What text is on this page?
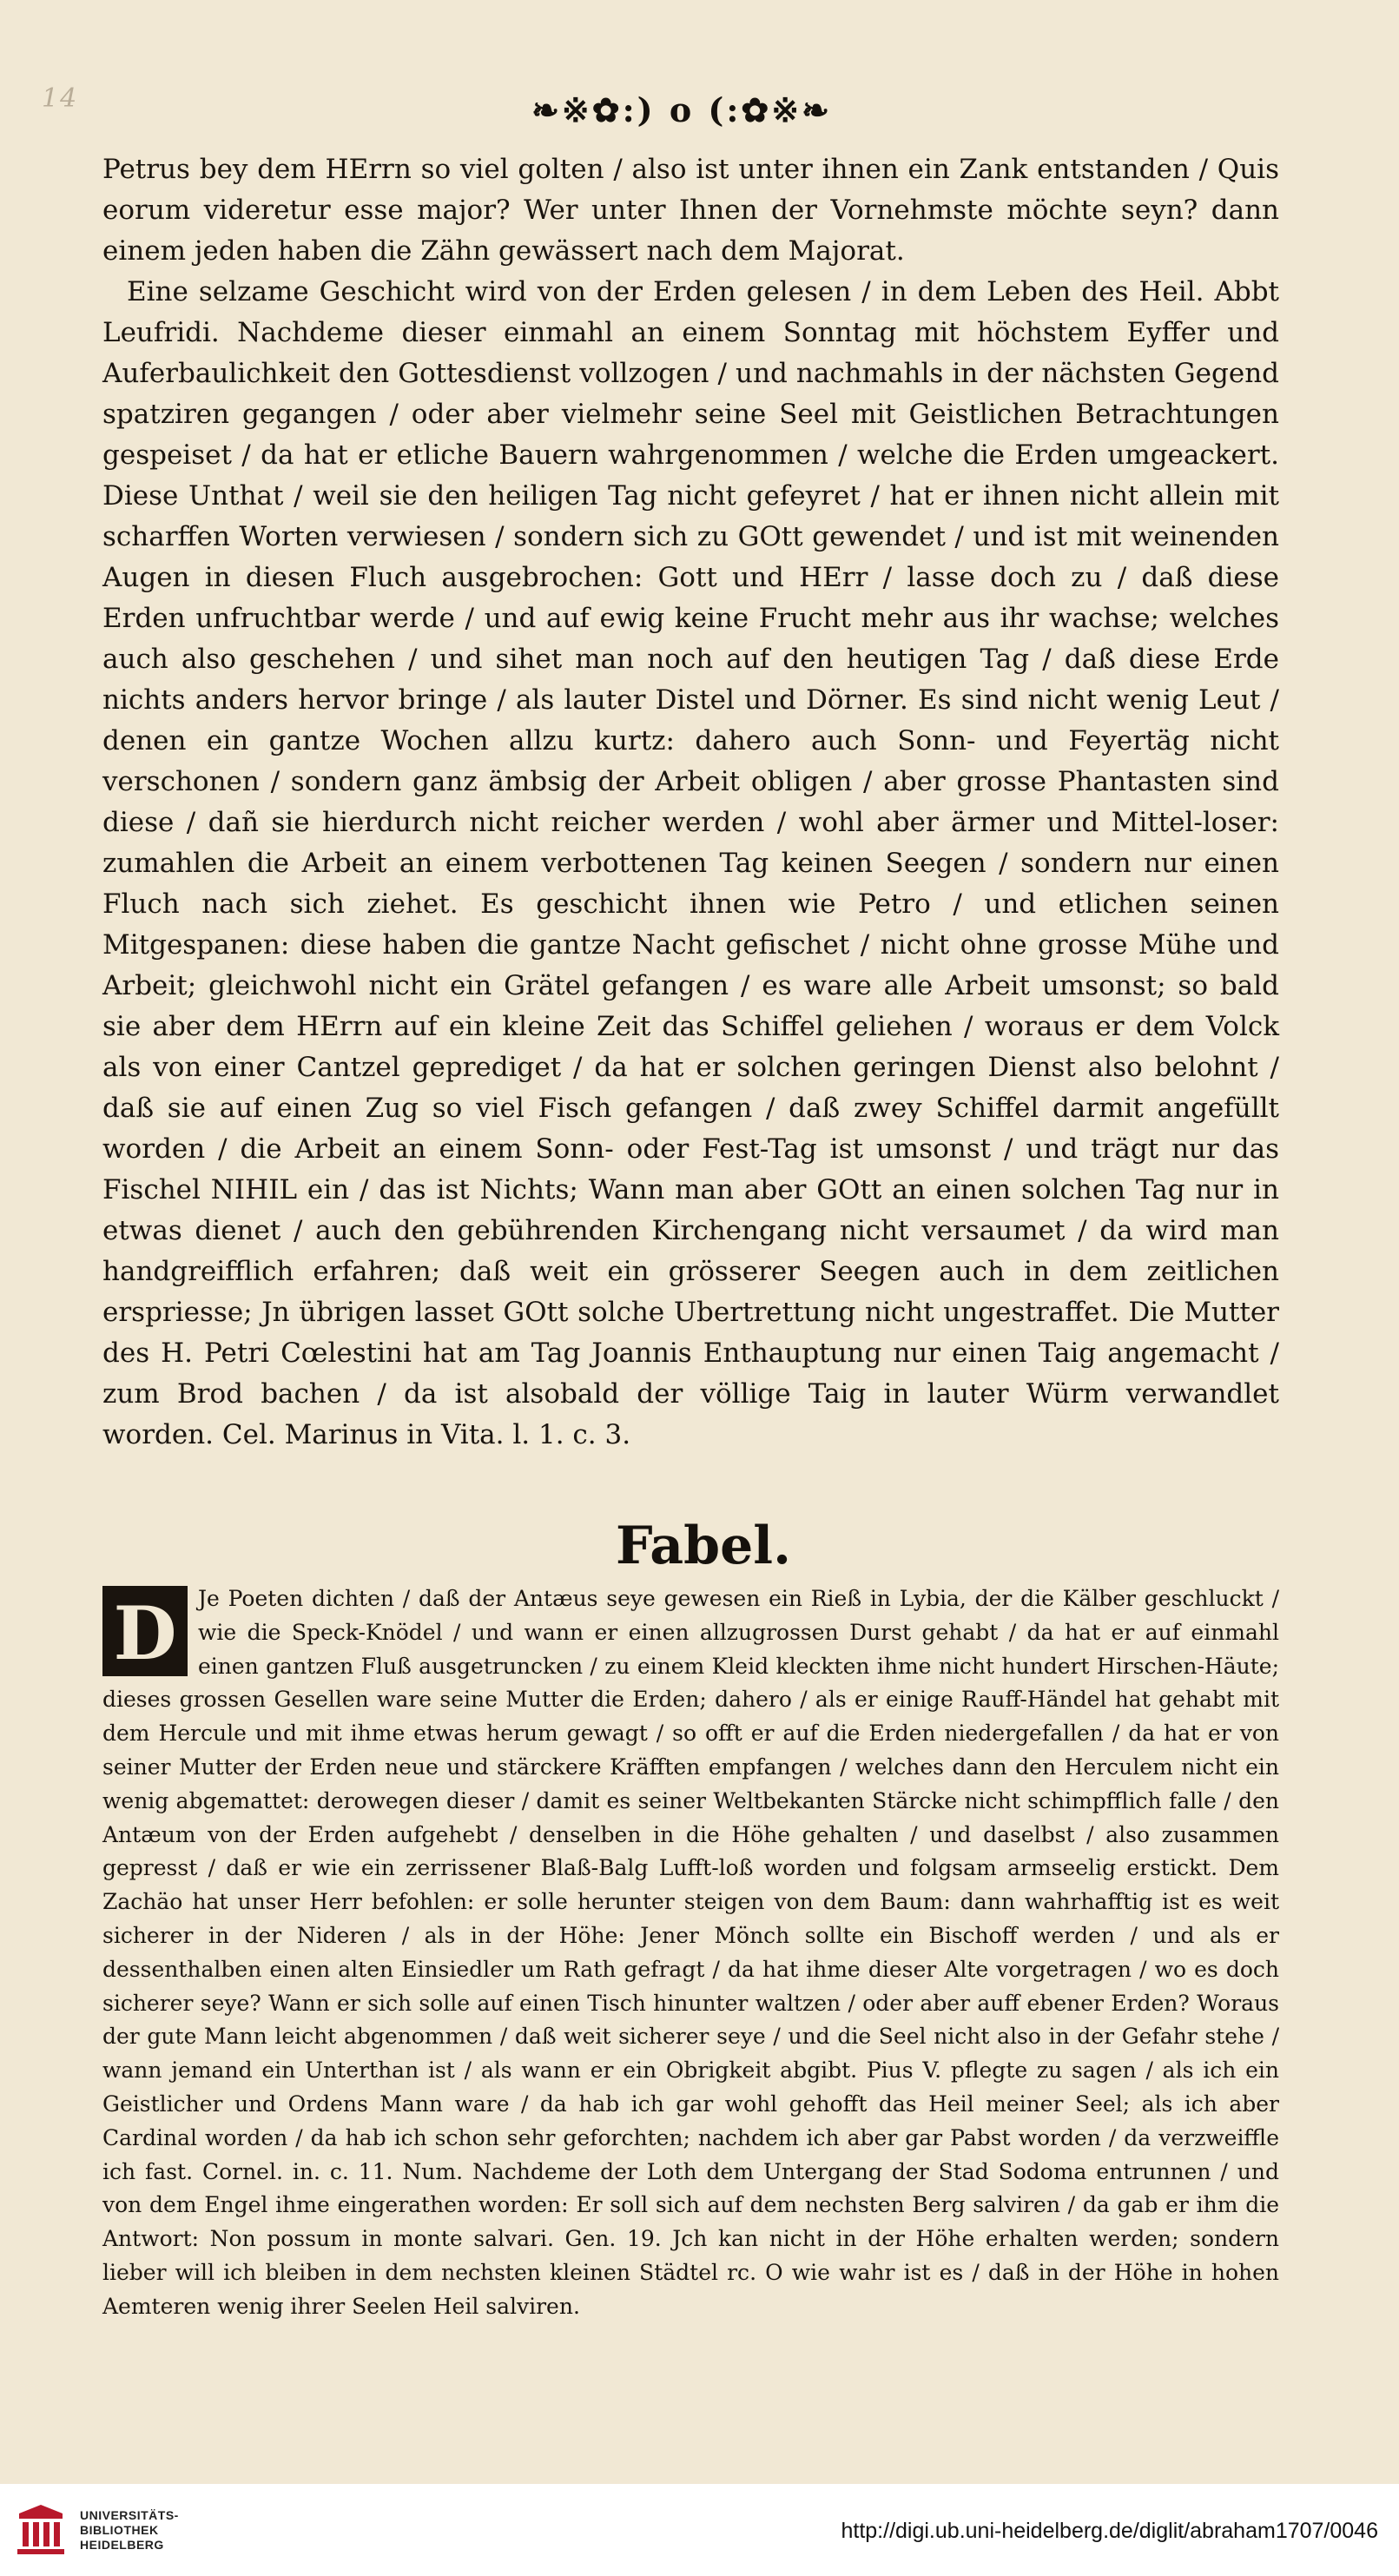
14	❧※✿:) o (:✿※❧

Petrus bey dem HErrn so viel golten / also ist unter ihnen ein Zank entstanden / Quis eorum videretur esse major? Wer unter Ihnen der Vornehmste möchte seyn? dann einem jeden haben die Zähn gewässert nach dem Majorat.

Eine selzame Geschicht wird von der Erden gelesen / in dem Leben des Heil. Abbt Leufridi. Nachdeme dieser einmahl an einem Sonntag mit höchstem Eyffer und Auferbaulichkeit den Gottesdienst vollzogen / und nachmahls in der nächsten Gegend spatziren gegangen / oder aber vielmehr seine Seel mit Geistlichen Betrachtungen gespeiset / da hat er etliche Bauern wahrgenommen / welche die Erden umgeackert. Diese Unthat / weil sie den heiligen Tag nicht gefeyret / hat er ihnen nicht allein mit scharffen Worten verwiesen / sondern sich zu GOtt gewendet / und ist mit weinenden Augen in diesen Fluch ausgebrochen: Gott und HErr / lasse doch zu / daß diese Erden unfruchtbar werde / und auf ewig keine Frucht mehr aus ihr wachse; welches auch also geschehen / und sihet man noch auf den heutigen Tag / daß diese Erde nichts anders hervor bringe / als lauter Distel und Dörner. Es sind nicht wenig Leut / denen ein gantze Wochen allzu kurtz: dahero auch Sonn- und Feyertäg nicht verschonen / sondern ganz ämbsig der Arbeit obligen / aber grosse Phantasten sind diese / dañ sie hierdurch nicht reicher werden / wohl aber ärmer und Mittel-loser: zumahlen die Arbeit an einem verbottenen Tag keinen Seegen / sondern nur einen Fluch nach sich ziehet. Es geschicht ihnen wie Petro / und etlichen seinen Mitgespanen: diese haben die gantze Nacht gefischet / nicht ohne grosse Mühe und Arbeit; gleichwohl nicht ein Grätel gefangen / es ware alle Arbeit umsonst; so bald sie aber dem HErrn auf ein kleine Zeit das Schiffel geliehen / woraus er dem Volck als von einer Cantzel geprediget / da hat er solchen geringen Dienst also belohnt / daß sie auf einen Zug so viel Fisch gefangen / daß zwey Schiffel darmit angefüllt worden / die Arbeit an einem Sonn- oder Fest-Tag ist umsonst / und trägt nur das Fischel NIHIL ein / das ist Nichts; Wann man aber GOtt an einen solchen Tag nur in etwas dienet / auch den gebührenden Kirchengang nicht versaumet / da wird man handgreifflich erfahren; daß weit ein grösserer Seegen auch in dem zeitlichen erspriesse; Jn übrigen lasset GOtt solche Ubertrettung nicht ungestraffet. Die Mutter des H. Petri Cœlestini hat am Tag Joannis Enthauptung nur einen Taig angemacht / zum Brod bachen / da ist alsobald der völlige Taig in lauter Würm verwandlet worden. Cel. Marinus in Vita. l. 1. c. 3.

Fabel.
D Je Poeten dichten / daß der Antæus seye gewesen ein Rieß in Lybia, der die Kälber geschluckt / wie die Speck-Knödel / und wann er einen allzugrossen Durst gehabt / da hat er auf einmahl einen gantzen Fluß ausgetruncken / zu einem Kleid kleckten ihme nicht hundert Hirschen-Häute; dieses grossen Gesellen ware seine Mutter die Erden; dahero / als er einige Rauff-Händel hat gehabt mit dem Hercule und mit ihme etwas herum gewagt / so offt er auf die Erden niedergefallen / da hat er von seiner Mutter der Erden neue und stärckere Kräfften empfangen / welches dann den Herculem nicht ein wenig abgemattet: derowegen dieser / damit es seiner Weltbekanten Stärcke nicht schimpfflich falle / den Antæum von der Erden aufgehebt / denselben in die Höhe gehalten / und daselbst / also zusammen gepresst / daß er wie ein zerrissener Blaß-Balg Lufft-loß worden und folgsam armseelig erstickt. Dem Zachäo hat unser Herr befohlen: er solle herunter steigen von dem Baum: dann wahrhafftig ist es weit sicherer in der Nideren / als in der Höhe: Jener Mönch sollte ein Bischoff werden / und als er dessenthalben einen alten Einsiedler um Rath gefragt / da hat ihme dieser Alte vorgetragen / wo es doch sicherer seye? Wann er sich solle auf einen Tisch hinunter waltzen / oder aber auff ebener Erden? Woraus der gute Mann leicht abgenommen / daß weit sicherer seye / und die Seel nicht also in der Gefahr stehe / wann jemand ein Unterthan ist / als wann er ein Obrigkeit abgibt. Pius V. pflegte zu sagen / als ich ein Geistlicher und Ordens Mann ware / da hab ich gar wohl gehofft das Heil meiner Seel; als ich aber Cardinal worden / da hab ich schon sehr geforchten; nachdem ich aber gar Pabst worden / da verzweiffle ich fast. Cornel. in. c. 11. Num. Nachdeme der Loth dem Untergang der Stad Sodoma entrunnen / und von dem Engel ihme eingerathen worden: Er soll sich auf dem nechsten Berg salviren / da gab er ihm die Antwort: Non possum in monte salvari. Gen. 19. Jch kan nicht in der Höhe erhalten werden; sondern lieber will ich bleiben in dem nechsten kleinen Städtel rc. O wie wahr ist es / daß in der Höhe in hohen Aemteren wenig ihrer Seelen Heil salviren.

UNIVERSITÄTS-
BIBLIOTHEK
HEIDELBERG
http://digi.ub.uni-heidelberg.de/diglit/abraham1707/0046
